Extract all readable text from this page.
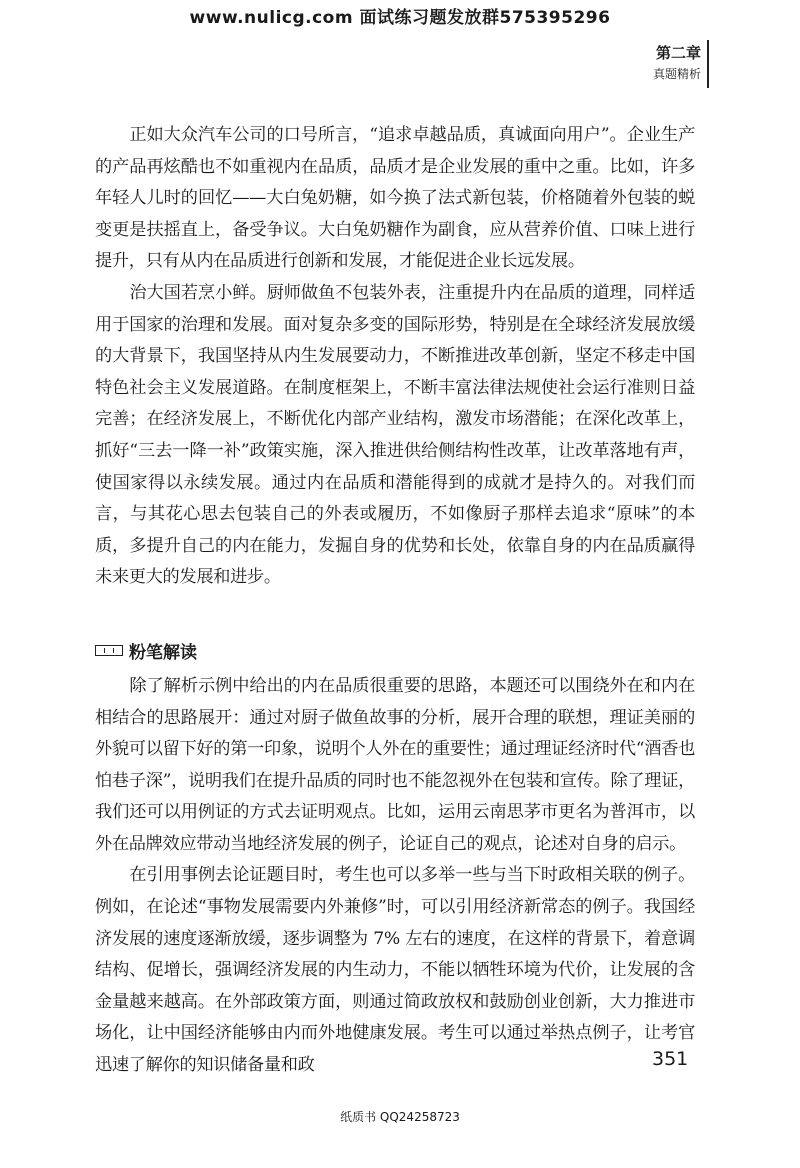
www.nulicg.com 面试练习题发放群575395296
第二章
真题精析

正如大众汽车公司的口号所言，“追求卓越品质，真诚面向用户”。企业生产的产品再炫酷也不如重视内在品质，品质才是企业发展的重中之重。比如，许多年轻人儿时的回忆——大白兔奶糖，如今换了法式新包装，价格随着外包装的蜕变更是扶摇直上，备受争议。大白兔奶糖作为副食，应从营养价值、口味上进行提升，只有从内在品质进行创新和发展，才能促进企业长远发展。

治大国若烹小鲜。厨师做鱼不包装外表，注重提升内在品质的道理，同样适用于国家的治理和发展。面对复杂多变的国际形势，特别是在全球经济发展放缓的大背景下，我国坚持从内生发展要动力，不断推进改革创新，坚定不移走中国特色社会主义发展道路。在制度框架上，不断丰富法律法规使社会运行准则日益完善；在经济发展上，不断优化内部产业结构，激发市场潜能；在深化改革上，抓好“三去一降一补”政策实施，深入推进供给侧结构性改革，让改革落地有声，使国家得以永续发展。通过内在品质和潜能得到的成就才是持久的。对我们而言，与其花心思去包装自己的外表或履历，不如像厨子那样去追求“原味”的本质，多提升自己的内在能力，发掘自身的优势和长处，依靠自身的内在品质赢得未来更大的发展和进步。

粉笔解读

除了解析示例中给出的内在品质很重要的思路，本题还可以围绕外在和内在相结合的思路展开：通过对厨子做鱼故事的分析，展开合理的联想，理证美丽的外貌可以留下好的第一印象，说明个人外在的重要性；通过理证经济时代“酒香也怕巷子深”，说明我们在提升品质的同时也不能忽视外在包装和宣传。除了理证，我们还可以用例证的方式去证明观点。比如，运用云南思茅市更名为普洱市，以外在品牌效应带动当地经济发展的例子，论证自己的观点，论述对自身的启示。

在引用事例去论证题目时，考生也可以多举一些与当下时政相关联的例子。例如，在论述“事物发展需要内外兼修”时，可以引用经济新常态的例子。我国经济发展的速度逐渐放缓，逐步调整为 7% 左右的速度，在这样的背景下，着意调结构、促增长，强调经济发展的内生动力，不能以牺牲环境为代价，让发展的含金量越来越高。在外部政策方面，则通过简政放权和鼓励创业创新，大力推进市场化，让中国经济能够由内而外地健康发展。考生可以通过举热点例子，让考官迅速了解你的知识储备量和政	351
纸质书 QQ24258723
